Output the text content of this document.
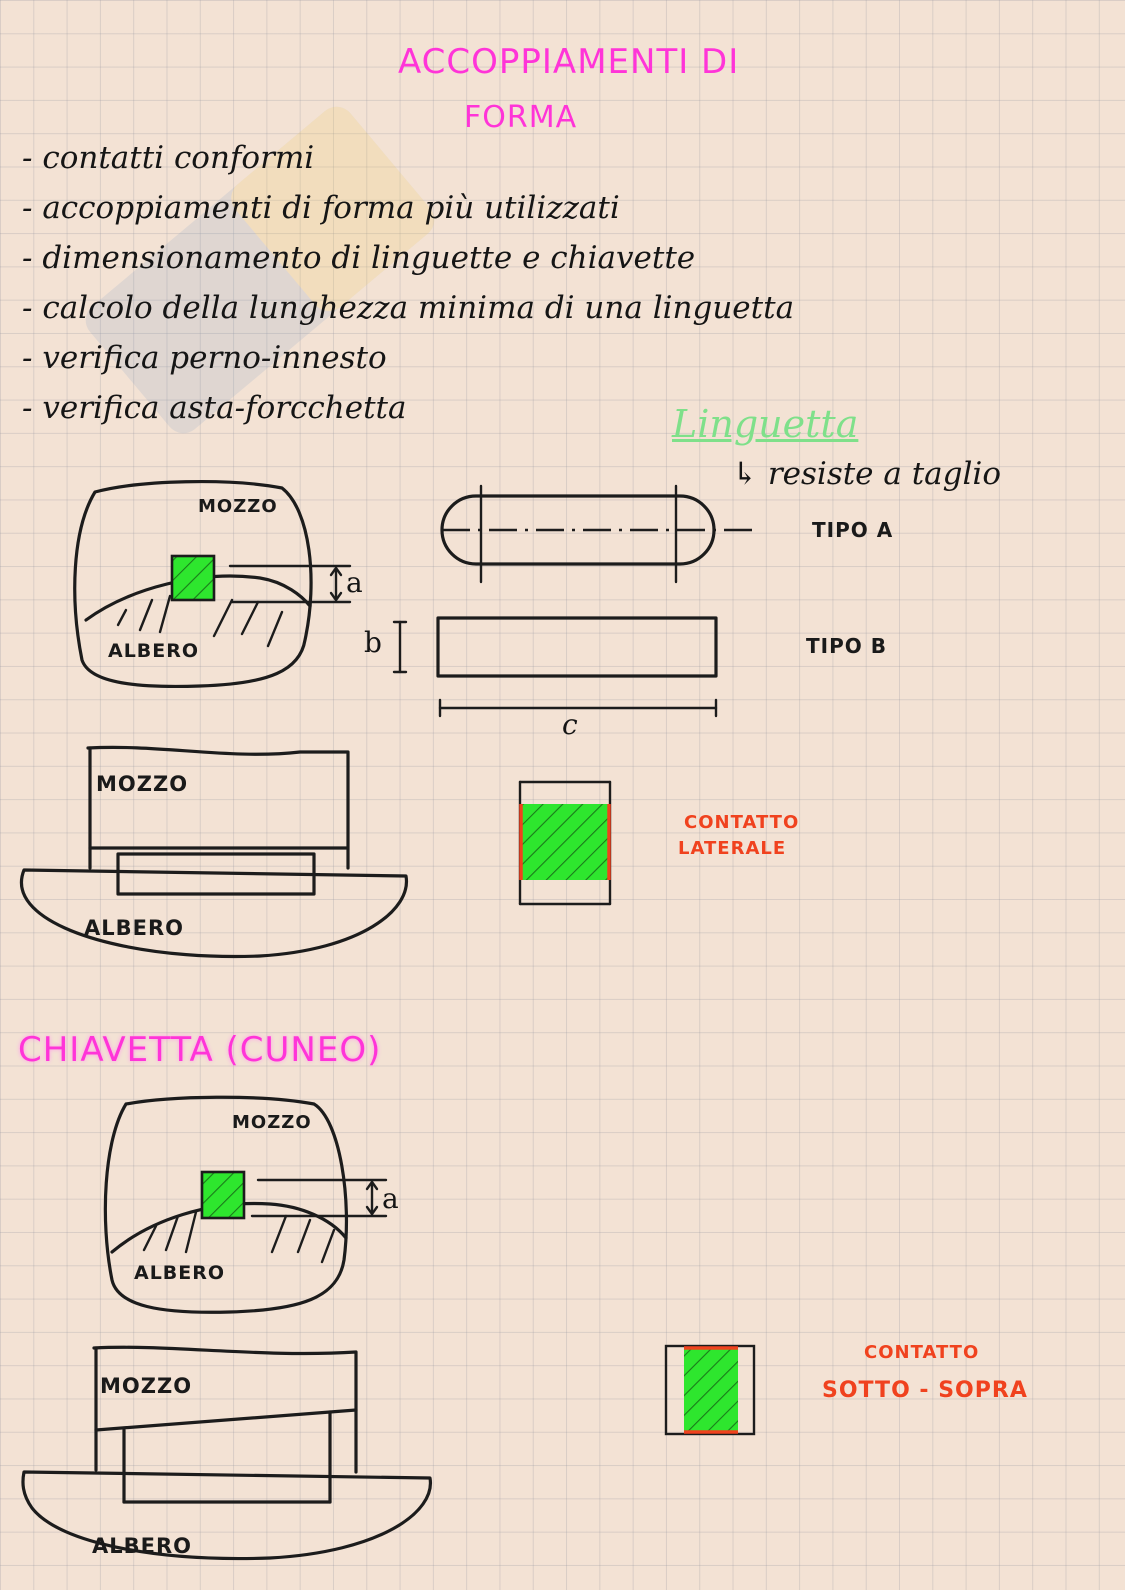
ACCOPPIAMENTI DI
FORMA
- contatti conformi
- accoppiamenti di forma più utilizzati
- dimensionamento di linguette e chiavette
- calcolo della lunghezza minima di una linguetta
- verifica perno-innesto
- verifica asta-forcchetta	Linguetta
↳ resiste a taglio
MOZZO
ALBERO
a
b
c
TIPO A
TIPO B
MOZZO
ALBERO
CONTATTO
LATERALE
CHIAVETTA (CUNEO)
MOZZO
ALBERO
a
MOZZO
ALBERO
CONTATTO
SOTTO - SOPRA
